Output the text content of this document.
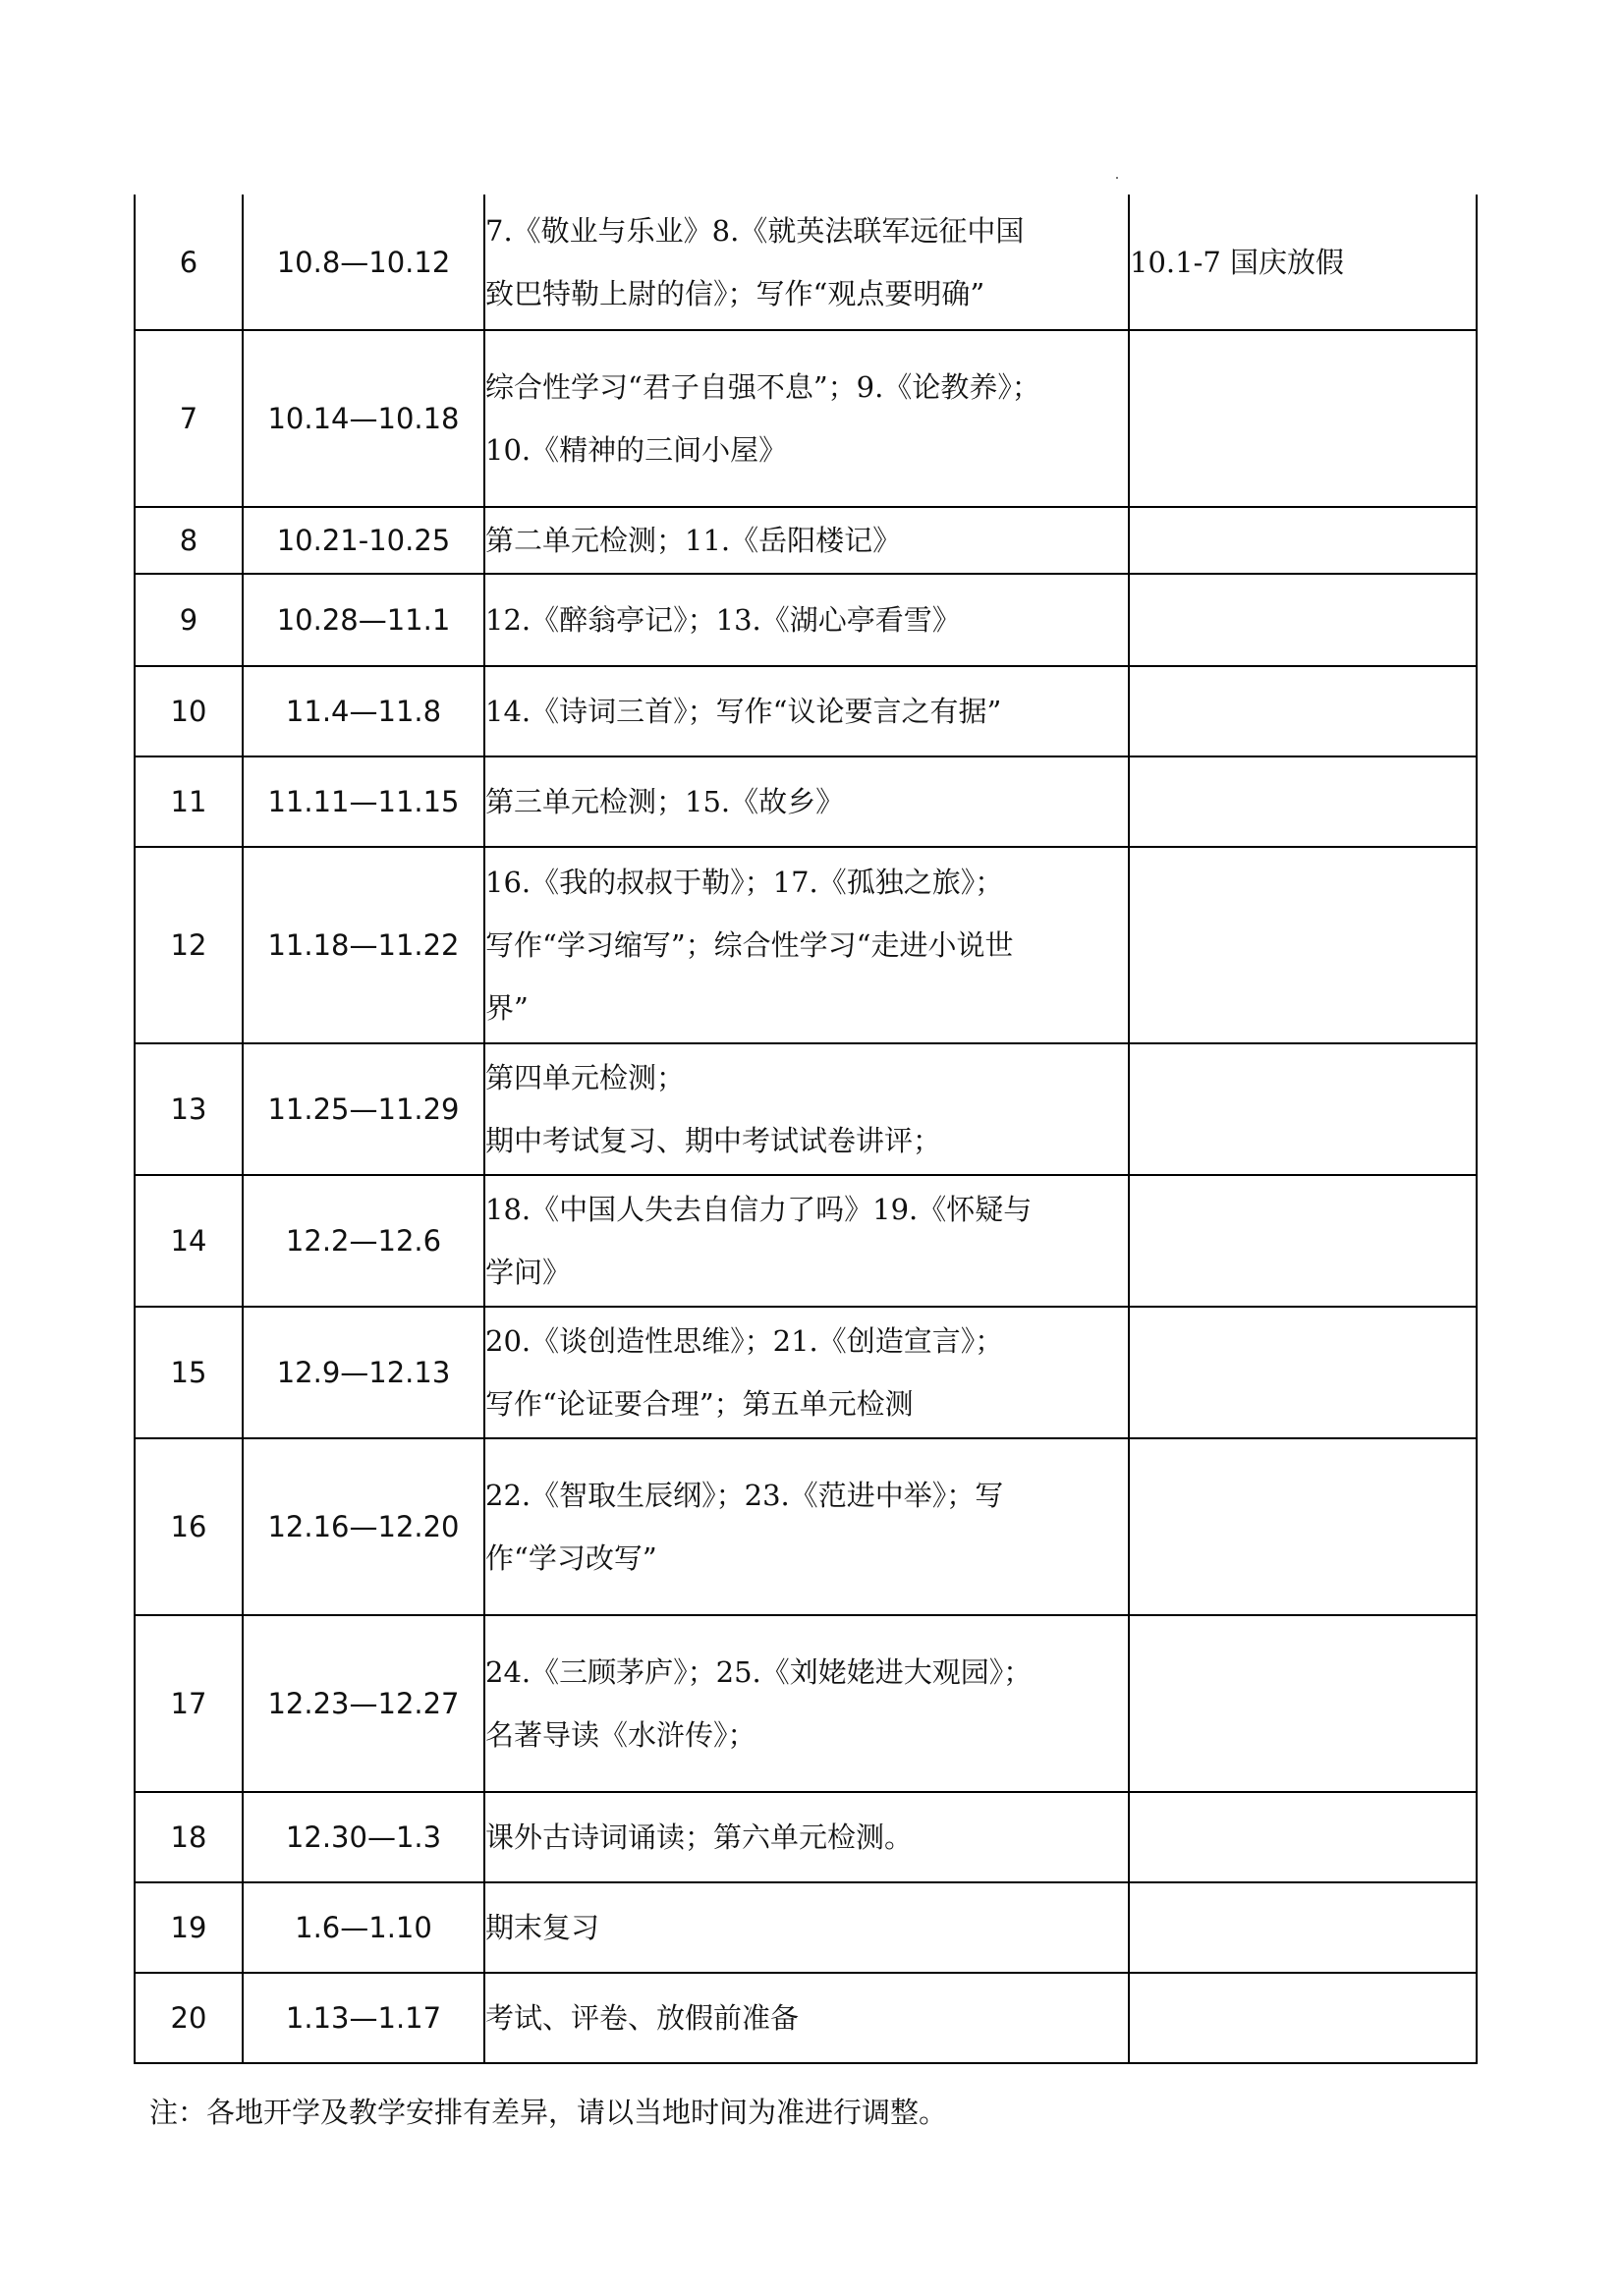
6	10.8—10.12	7.《敬业与乐业》8.《就英法联军远征中国
致巴特勒上尉的信》；写作“观点要明确”	10.1-7 国庆放假
7	10.14—10.18	综合性学习“君子自强不息”；9.《论教养》；
10.《精神的三间小屋》	

8	10.21-10.25	第二单元检测；11.《岳阳楼记》	

9	10.28—11.1	12.《醉翁亭记》；13.《湖心亭看雪》	

10	11.4—11.8	14.《诗词三首》；写作“议论要言之有据”	

11	11.11—11.15	第三单元检测；15.《故乡》	

12	11.18—11.22	16.《我的叔叔于勒》；17.《孤独之旅》；
写作“学习缩写”；综合性学习“走进小说世
界”	

13	11.25—11.29	第四单元检测；
期中考试复习、期中考试试卷讲评；	

14	12.2—12.6	18.《中国人失去自信力了吗》19.《怀疑与
学问》	

15	12.9—12.13	20.《谈创造性思维》；21.《创造宣言》；
写作“论证要合理”；第五单元检测	

16	12.16—12.20	22.《智取生辰纲》；23.《范进中举》；写
作“学习改写”	

17	12.23—12.27	24.《三顾茅庐》；25.《刘姥姥进大观园》；
名著导读《水浒传》；	

18	12.30—1.3	课外古诗词诵读；第六单元检测。	

19	1.6—1.10	期末复习	

20	1.13—1.17	考试、评卷、放假前准备	

注：各地开学及教学安排有差异，请以当地时间为准进行调整。
